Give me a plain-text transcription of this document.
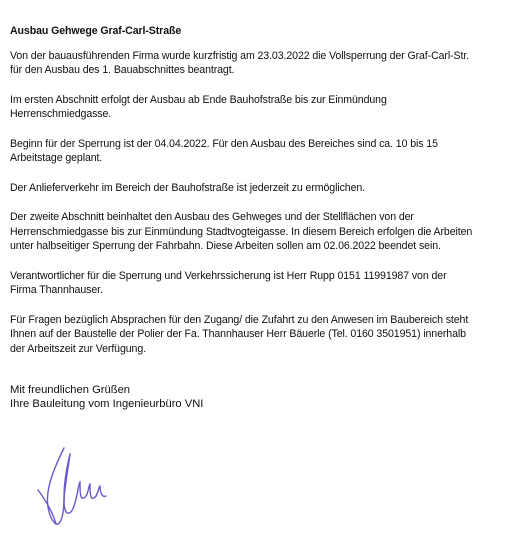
Ausbau Gehwege Graf-Carl-Straße
Von der bauausführenden Firma wurde kurzfristig am 23.03.2022 die Vollsperrung der Graf-Carl-Str.
für den Ausbau des 1. Bauabschnittes beantragt.
Im ersten Abschnitt erfolgt der Ausbau ab Ende Bauhofstraße bis zur Einmündung
Herrenschmiedgasse.
Beginn für der Sperrung ist der 04.04.2022. Für den Ausbau des Bereiches sind ca. 10 bis 15
Arbeitstage geplant.
Der Anlieferverkehr im Bereich der Bauhofstraße ist jederzeit zu ermöglichen.
Der zweite Abschnitt beinhaltet den Ausbau des Gehweges und der Stellflächen von der
Herrenschmiedgasse bis zur Einmündung Stadtvogteigasse. In diesem Bereich erfolgen die Arbeiten
unter halbseitiger Sperrung der Fahrbahn. Diese Arbeiten sollen am 02.06.2022 beendet sein.
Verantwortlicher für die Sperrung und Verkehrssicherung ist Herr Rupp 0151 11991987 von der
Firma Thannhauser.
Für Fragen bezüglich Absprachen für den Zugang/ die Zufahrt zu den Anwesen im Baubereich steht
Ihnen auf der Baustelle der Polier der Fa. Thannhauser Herr Bäuerle (Tel. 0160 3501951) innerhalb
der Arbeitszeit zur Verfügung.
Mit freundlichen Grüßen
Ihre Bauleitung vom Ingenieurbüro VNI
